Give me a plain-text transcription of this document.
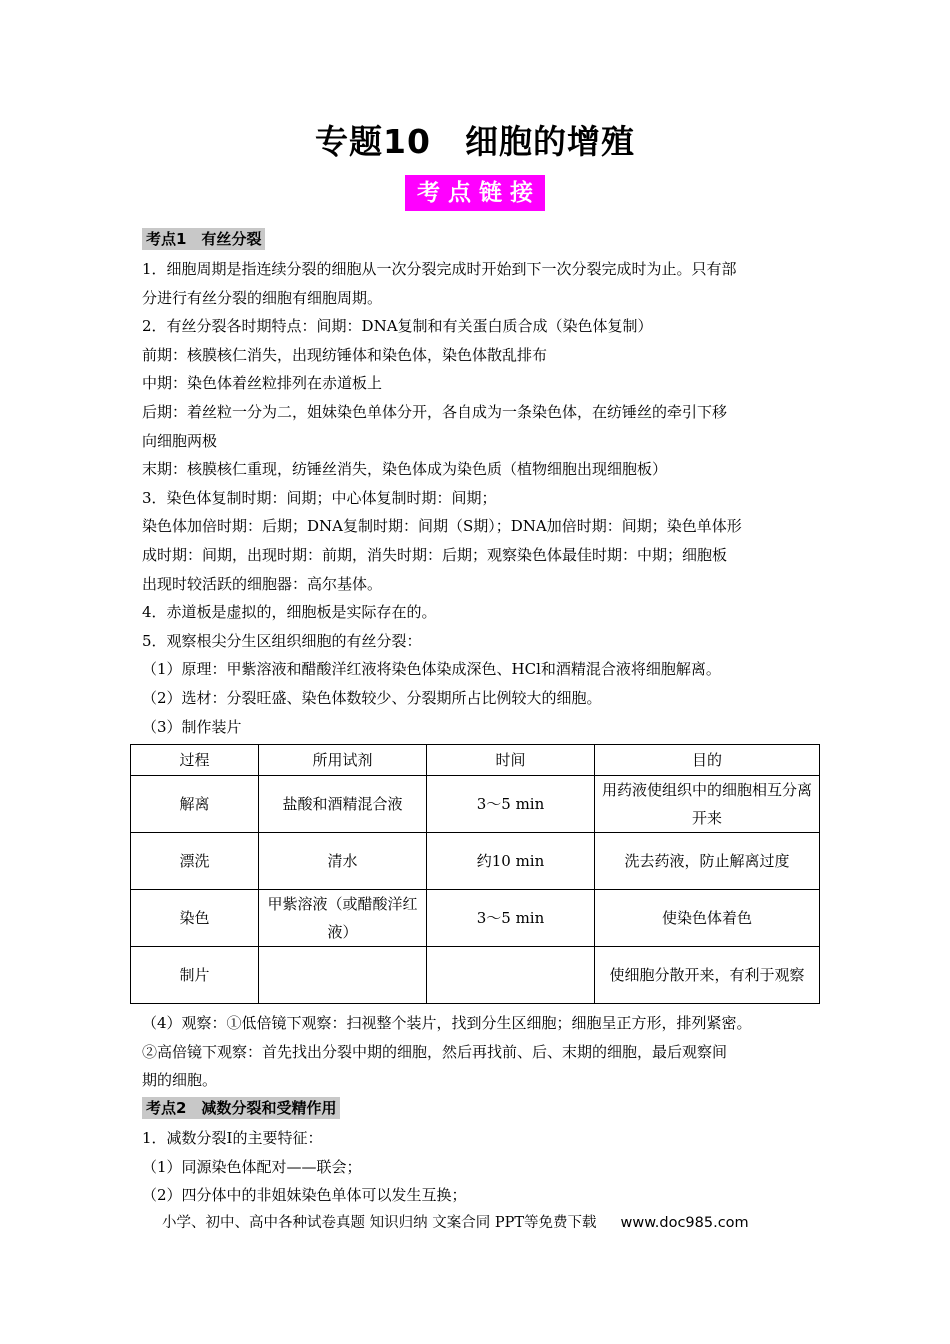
专题10　细胞的增殖
考点链接
考点1　有丝分裂

1．细胞周期是指连续分裂的细胞从一次分裂完成时开始到下一次分裂完成时为止。只有部

分进行有丝分裂的细胞有细胞周期。

2．有丝分裂各时期特点：间期：DNA复制和有关蛋白质合成（染色体复制）

前期：核膜核仁消失，出现纺锤体和染色体，染色体散乱排布

中期：染色体着丝粒排列在赤道板上

后期：着丝粒一分为二，姐妹染色单体分开，各自成为一条染色体，在纺锤丝的牵引下移

向细胞两极

末期：核膜核仁重现，纺锤丝消失，染色体成为染色质（植物细胞出现细胞板）

3．染色体复制时期：间期；中心体复制时期：间期；

染色体加倍时期：后期；DNA复制时期：间期（S期）；DNA加倍时期：间期；染色单体形

成时期：间期，出现时期：前期，消失时期：后期；观察染色体最佳时期：中期；细胞板

出现时较活跃的细胞器：高尔基体。

4．赤道板是虚拟的，细胞板是实际存在的。

5．观察根尖分生区组织细胞的有丝分裂：

（1）原理：甲紫溶液和醋酸洋红液将染色体染成深色、HCl和酒精混合液将细胞解离。

（2）选材：分裂旺盛、染色体数较少、分裂期所占比例较大的细胞。

（3）制作装片

过程	所用试剂	时间	目的
解离	盐酸和酒精混合液	3～5 min	用药液使组织中的细胞相互分离开来
漂洗	清水	约10 min	洗去药液，防止解离过度
染色	甲紫溶液（或醋酸洋红液）	3～5 min	使染色体着色
制片			使细胞分散开来，有利于观察

（4）观察：①低倍镜下观察：扫视整个装片，找到分生区细胞；细胞呈正方形，排列紧密。

②高倍镜下观察：首先找出分裂中期的细胞，然后再找前、后、末期的细胞，最后观察间

期的细胞。

考点2　减数分裂和受精作用

1．减数分裂Ⅰ的主要特征：

（1）同源染色体配对——联会；

（2）四分体中的非姐妹染色单体可以发生互换；

小学、初中、高中各种试卷真题 知识归纳 文案合同 PPT等免费下载 www.doc985.com
